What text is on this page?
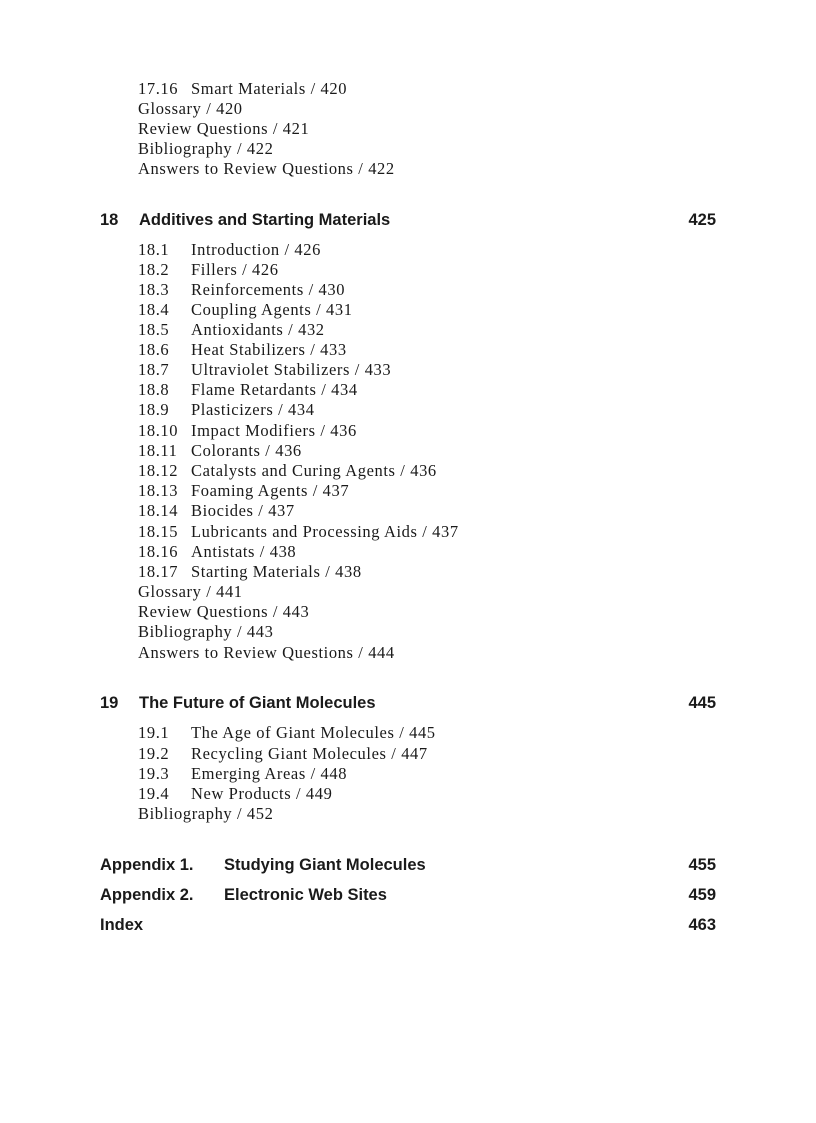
17.16 Smart Materials / 420
Glossary / 420
Review Questions / 421
Bibliography / 422
Answers to Review Questions / 422
18 Additives and Starting Materials	425
18.1 Introduction / 426
18.2 Fillers / 426
18.3 Reinforcements / 430
18.4 Coupling Agents / 431
18.5 Antioxidants / 432
18.6 Heat Stabilizers / 433
18.7 Ultraviolet Stabilizers / 433
18.8 Flame Retardants / 434
18.9 Plasticizers / 434
18.10 Impact Modifiers / 436
18.11 Colorants / 436
18.12 Catalysts and Curing Agents / 436
18.13 Foaming Agents / 437
18.14 Biocides / 437
18.15 Lubricants and Processing Aids / 437
18.16 Antistats / 438
18.17 Starting Materials / 438
Glossary / 441
Review Questions / 443
Bibliography / 443
Answers to Review Questions / 444
19 The Future of Giant Molecules	445
19.1 The Age of Giant Molecules / 445
19.2 Recycling Giant Molecules / 447
19.3 Emerging Areas / 448
19.4 New Products / 449
Bibliography / 452
Appendix 1. Studying Giant Molecules	455
Appendix 2. Electronic Web Sites	459
Index	463
